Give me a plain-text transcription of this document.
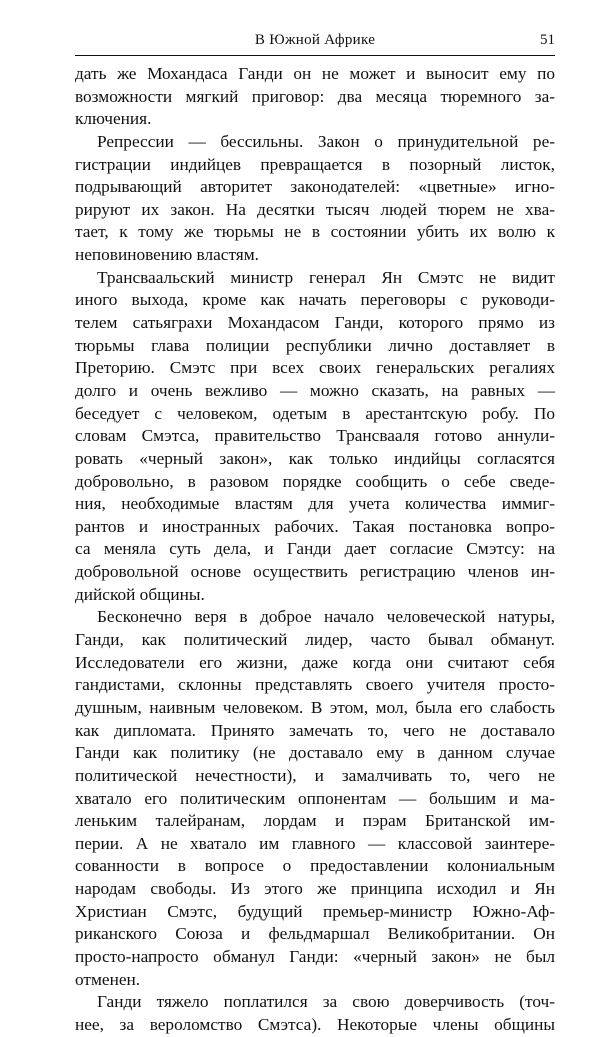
В Южной Африке	51
дать же Мохандаса Ганди он не может и выносит ему по
возможности мягкий приговор: два месяца тюремного за-
ключения.
Репрессии — бессильны. Закон о принудительной ре-
гистрации индийцев превращается в позорный листок,
подрывающий авторитет законодателей: «цветные» игно-
рируют их закон. На десятки тысяч людей тюрем не хва-
тает, к тому же тюрьмы не в состоянии убить их волю к
неповиновению властям.
Трансваальский министр генерал Ян Смэтс не видит
иного выхода, кроме как начать переговоры с руководи-
телем сатьяграхи Мохандасом Ганди, которого прямо из
тюрьмы глава полиции республики лично доставляет в
Преторию. Смэтс при всех своих генеральских регалиях
долго и очень вежливо — можно сказать, на равных —
беседует с человеком, одетым в арестантскую робу. По
словам Смэтса, правительство Трансвааля готово аннули-
ровать «черный закон», как только индийцы согласятся
добровольно, в разовом порядке сообщить о себе сведе-
ния, необходимые властям для учета количества иммиг-
рантов и иностранных рабочих. Такая постановка вопро-
са меняла суть дела, и Ганди дает согласие Смэтсу: на
добровольной основе осуществить регистрацию членов ин-
дийской общины.
Бесконечно веря в доброе начало человеческой натуры,
Ганди, как политический лидер, часто бывал обманут.
Исследователи его жизни, даже когда они считают себя
гандистами, склонны представлять своего учителя просто-
душным, наивным человеком. В этом, мол, была его слабость
как дипломата. Принято замечать то, чего не доставало
Ганди как политику (не доставало ему в данном случае
политической нечестности), и замалчивать то, чего не
хватало его политическим оппонентам — большим и ма-
леньким талейранам, лордам и пэрам Британской им-
перии. А не хватало им главного — классовой заинтере-
сованности в вопросе о предоставлении колониальным
народам свободы. Из этого же принципа исходил и Ян
Христиан Смэтс, будущий премьер-министр Южно-Аф-
риканского Союза и фельдмаршал Великобритании. Он
просто-напросто обманул Ганди: «черный закон» не был
отменен.
Ганди тяжело поплатился за свою доверчивость (точ-
нее, за вероломство Смэтса). Некоторые члены общины
